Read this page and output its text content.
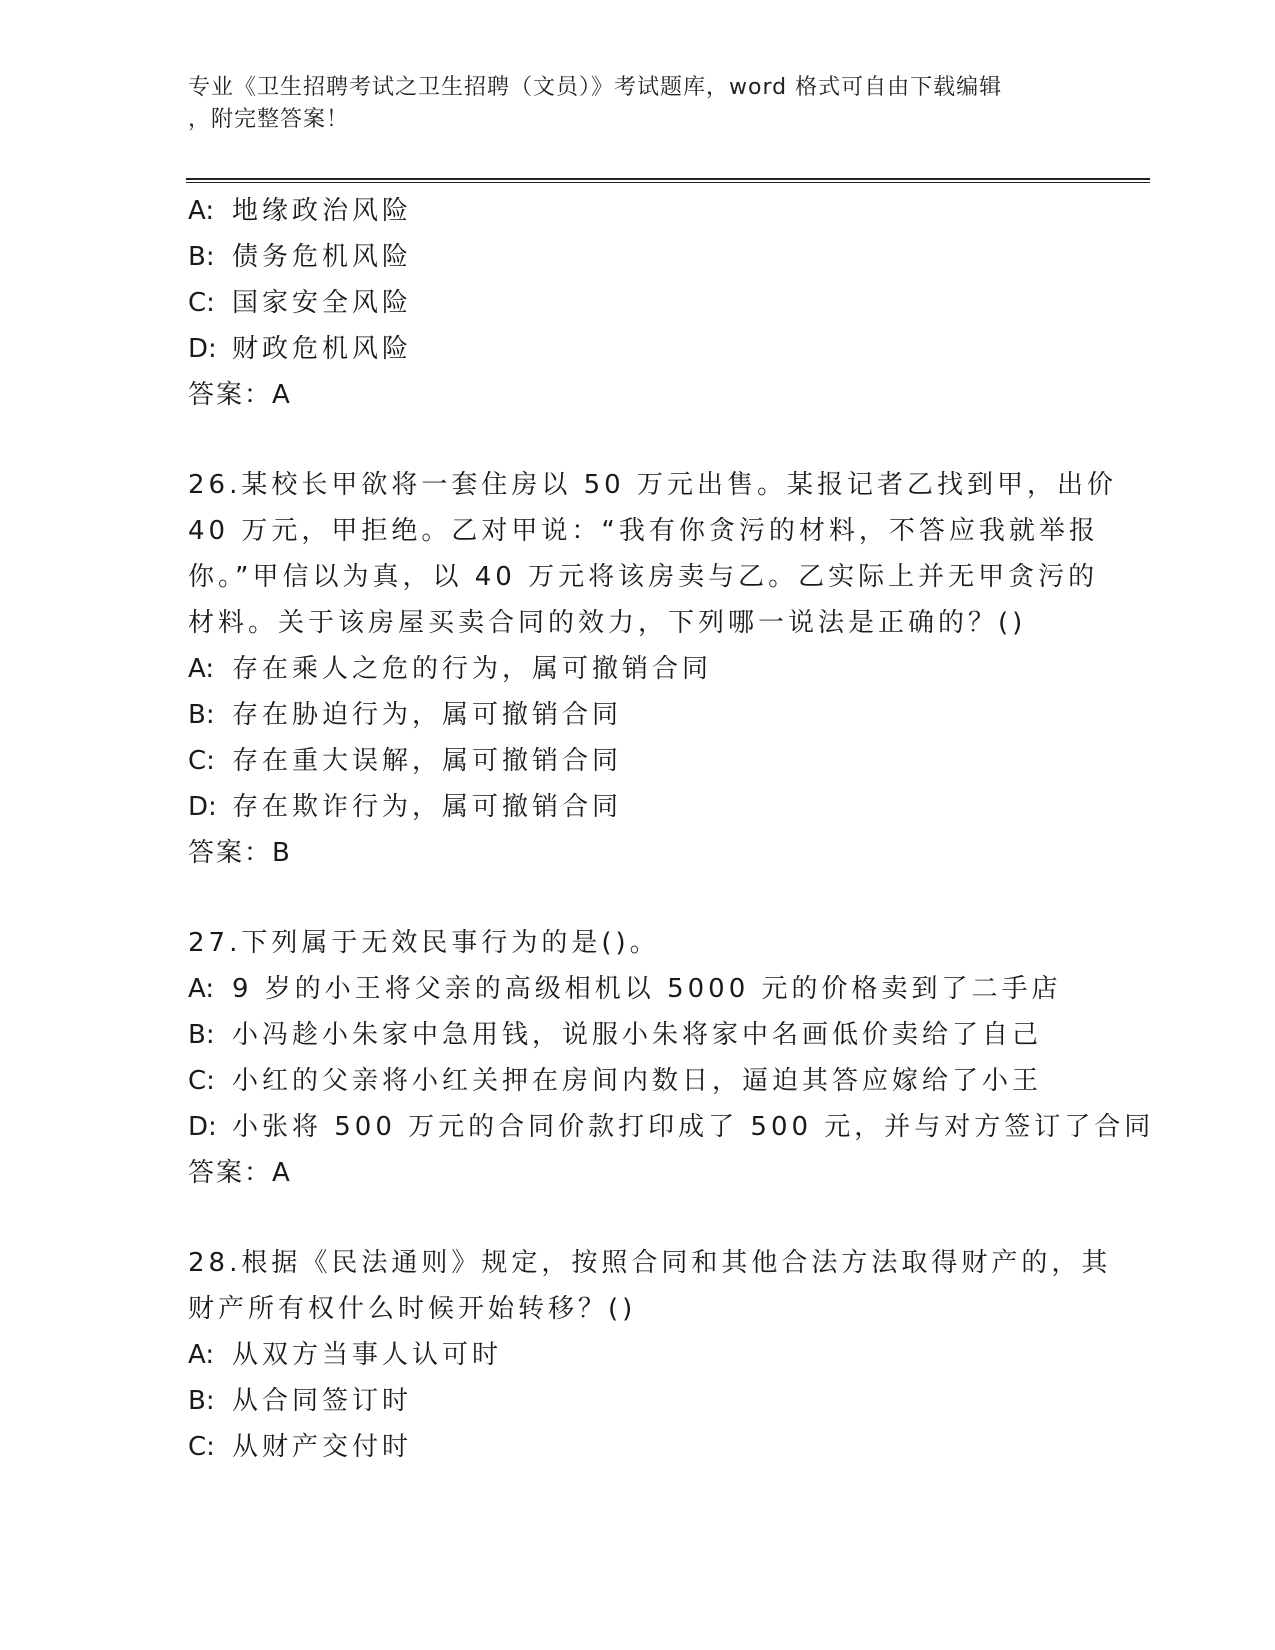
专业《卫生招聘考试之卫生招聘（文员）》考试题库，word 格式可自由下载编辑
，附完整答案！
A: 地缘政治风险
B: 债务危机风险
C: 国家安全风险
D: 财政危机风险
答案：A
26.某校长甲欲将一套住房以 50 万元出售。某报记者乙找到甲，出价
40 万元，甲拒绝。乙对甲说：“我有你贪污的材料，不答应我就举报
你。”甲信以为真，以 40 万元将该房卖与乙。乙实际上并无甲贪污的
材料。关于该房屋买卖合同的效力，下列哪一说法是正确的？()
A: 存在乘人之危的行为，属可撤销合同
B: 存在胁迫行为，属可撤销合同
C: 存在重大误解，属可撤销合同
D: 存在欺诈行为，属可撤销合同
答案：B
27.下列属于无效民事行为的是()。
A: 9 岁的小王将父亲的高级相机以 5000 元的价格卖到了二手店
B: 小冯趁小朱家中急用钱，说服小朱将家中名画低价卖给了自己
C: 小红的父亲将小红关押在房间内数日，逼迫其答应嫁给了小王
D: 小张将 500 万元的合同价款打印成了 500 元，并与对方签订了合同
答案：A
28.根据《民法通则》规定，按照合同和其他合法方法取得财产的，其
财产所有权什么时候开始转移？()
A: 从双方当事人认可时
B: 从合同签订时
C: 从财产交付时
